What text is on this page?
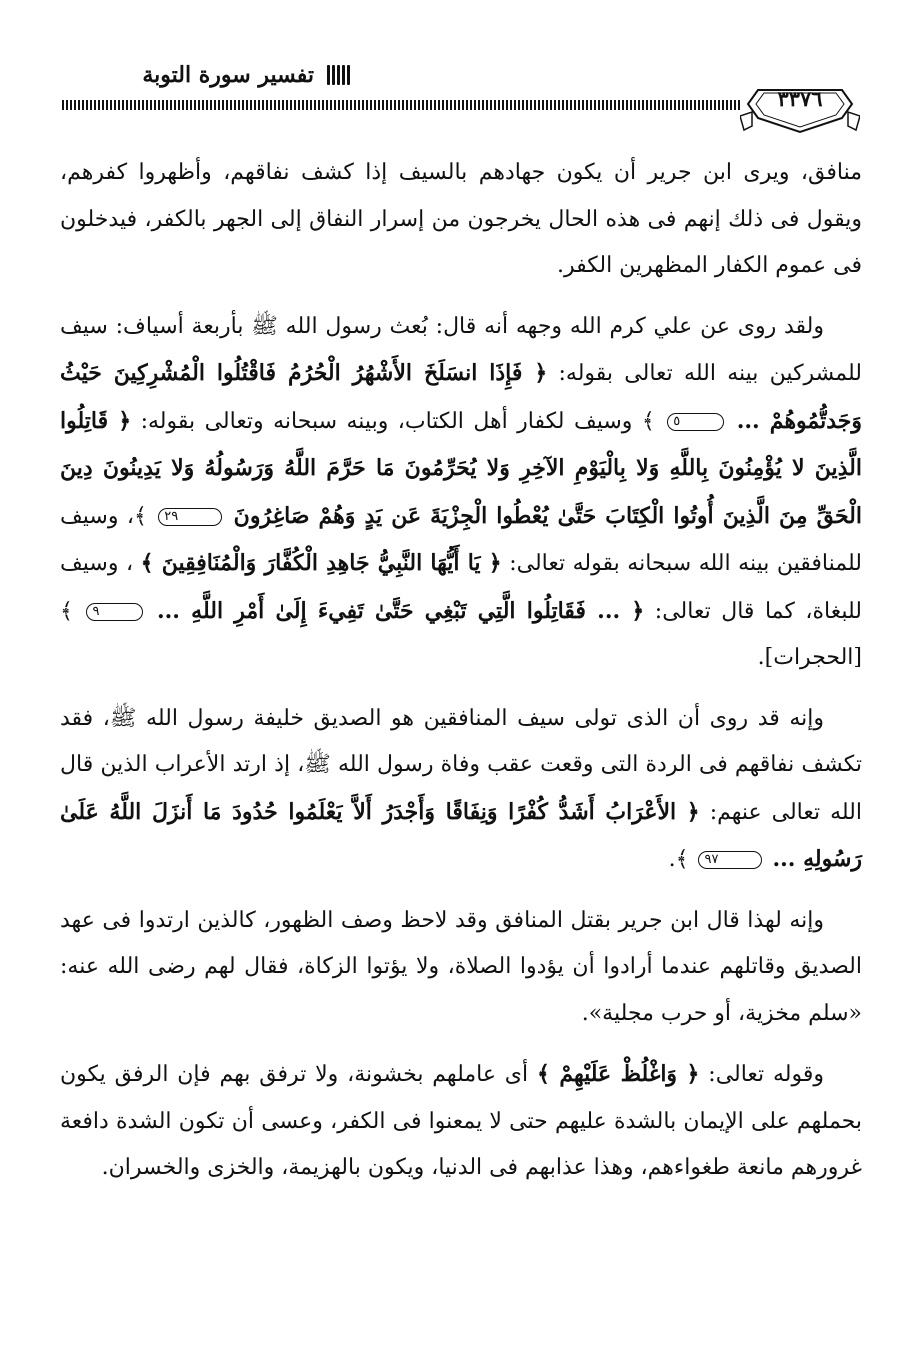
تفسير سورة التوبة
٣٣٧٦

منافق، ويرى ابن جرير أن يكون جهادهم بالسيف إذا كشف نفاقهم، وأظهروا كفرهم، ويقول فى ذلك إنهم فى هذه الحال يخرجون من إسرار النفاق إلى الجهر بالكفر، فيدخلون فى عموم الكفار المظهرين الكفر.

ولقد روى عن علي كرم الله وجهه أنه قال: بُعث رسول الله ﷺ بأربعة أسياف: سيف للمشركين بينه الله تعالى بقوله: ﴿ فَإِذَا انسَلَخَ الأَشْهُرُ الْحُرُمُ فَاقْتُلُوا الْمُشْرِكِينَ حَيْثُ وَجَدتُّمُوهُمْ ... ٥ ﴾ وسيف لكفار أهل الكتاب، وبينه سبحانه وتعالى بقوله: ﴿ قَاتِلُوا الَّذِينَ لا يُؤْمِنُونَ بِاللَّهِ وَلا بِالْيَوْمِ الآخِرِ وَلا يُحَرِّمُونَ مَا حَرَّمَ اللَّهُ وَرَسُولُهُ وَلا يَدِينُونَ دِينَ الْحَقِّ مِنَ الَّذِينَ أُوتُوا الْكِتَابَ حَتَّىٰ يُعْطُوا الْجِزْيَةَ عَن يَدٍ وَهُمْ صَاغِرُونَ ٢٩ ﴾، وسيف للمنافقين بينه الله سبحانه بقوله تعالى: ﴿ يَا أَيُّهَا النَّبِيُّ جَاهِدِ الْكُفَّارَ وَالْمُنَافِقِينَ ﴾ ، وسيف للبغاة، كما قال تعالى: ﴿ ... فَقَاتِلُوا الَّتِي تَبْغِي حَتَّىٰ تَفِيءَ إِلَىٰ أَمْرِ اللَّهِ ... ٩ ﴾ [الحجرات].

وإنه قد روى أن الذى تولى سيف المنافقين هو الصديق خليفة رسول الله ﷺ، فقد تكشف نفاقهم فى الردة التى وقعت عقب وفاة رسول الله ﷺ، إذ ارتد الأعراب الذين قال الله تعالى عنهم: ﴿ الأَعْرَابُ أَشَدُّ كُفْرًا وَنِفَاقًا وَأَجْدَرُ أَلاَّ يَعْلَمُوا حُدُودَ مَا أَنزَلَ اللَّهُ عَلَىٰ رَسُولِهِ ... ٩٧ ﴾.

وإنه لهذا قال ابن جرير بقتل المنافق وقد لاحظ وصف الظهور، كالذين ارتدوا فى عهد الصديق وقاتلهم عندما أرادوا أن يؤدوا الصلاة، ولا يؤتوا الزكاة، فقال لهم رضى الله عنه: «سلم مخزية، أو حرب مجلية».

وقوله تعالى: ﴿ وَاغْلُظْ عَلَيْهِمْ ﴾ أى عاملهم بخشونة، ولا ترفق بهم فإن الرفق يكون بحملهم على الإيمان بالشدة عليهم حتى لا يمعنوا فى الكفر، وعسى أن تكون الشدة دافعة غرورهم مانعة طغواءهم، وهذا عذابهم فى الدنيا، ويكون بالهزيمة، والخزى والخسران.
